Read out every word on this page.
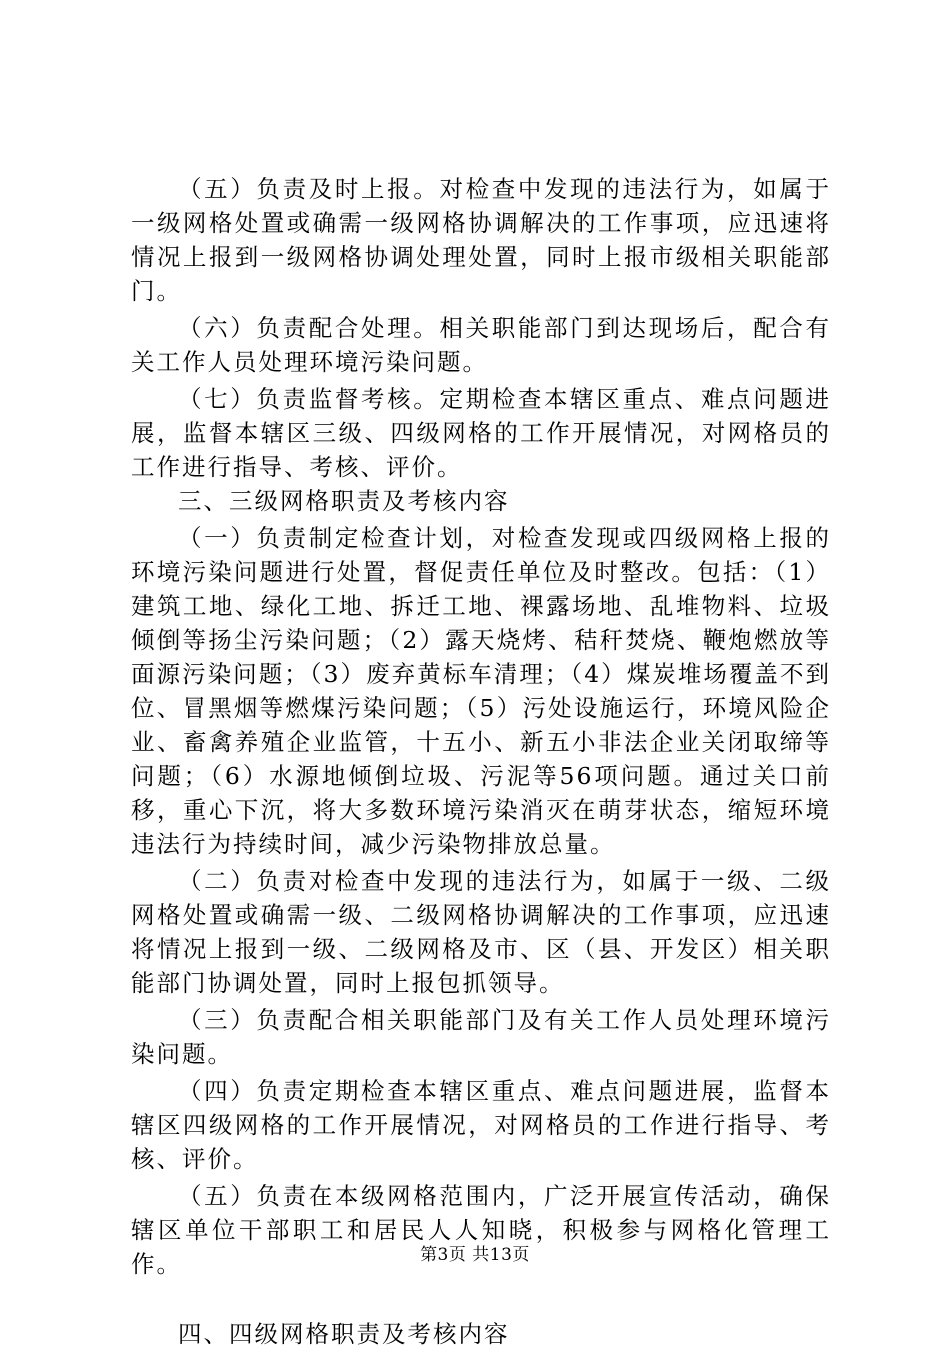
（五）负责及时上报。对检查中发现的违法行为，如属于一级网格处置或确需一级网格协调解决的工作事项，应迅速将情况上报到一级网格协调处理处置，同时上报市级相关职能部门。

（六）负责配合处理。相关职能部门到达现场后，配合有关工作人员处理环境污染问题。

（七）负责监督考核。定期检查本辖区重点、难点问题进展，监督本辖区三级、四级网格的工作开展情况，对网格员的工作进行指导、考核、评价。

三、三级网格职责及考核内容

（一）负责制定检查计划，对检查发现或四级网格上报的环境污染问题进行处置，督促责任单位及时整改。包括：（1）建筑工地、绿化工地、拆迁工地、裸露场地、乱堆物料、垃圾倾倒等扬尘污染问题；（2）露天烧烤、秸秆焚烧、鞭炮燃放等面源污染问题；（3）废弃黄标车清理；（4）煤炭堆场覆盖不到位、冒黑烟等燃煤污染问题；（5）污处设施运行，环境风险企业、畜禽养殖企业监管，十五小、新五小非法企业关闭取缔等问题；（6）水源地倾倒垃圾、污泥等56项问题。通过关口前移，重心下沉，将大多数环境污染消灭在萌芽状态，缩短环境违法行为持续时间，减少污染物排放总量。

（二）负责对检查中发现的违法行为，如属于一级、二级网格处置或确需一级、二级网格协调解决的工作事项，应迅速将情况上报到一级、二级网格及市、区（县、开发区）相关职能部门协调处置，同时上报包抓领导。

（三）负责配合相关职能部门及有关工作人员处理环境污染问题。

（四）负责定期检查本辖区重点、难点问题进展，监督本辖区四级网格的工作开展情况，对网格员的工作进行指导、考核、评价。

（五）负责在本级网格范围内，广泛开展宣传活动，确保辖区单位干部职工和居民人人知晓，积极参与网格化管理工作。

四、四级网格职责及考核内容

第3页 共13页
